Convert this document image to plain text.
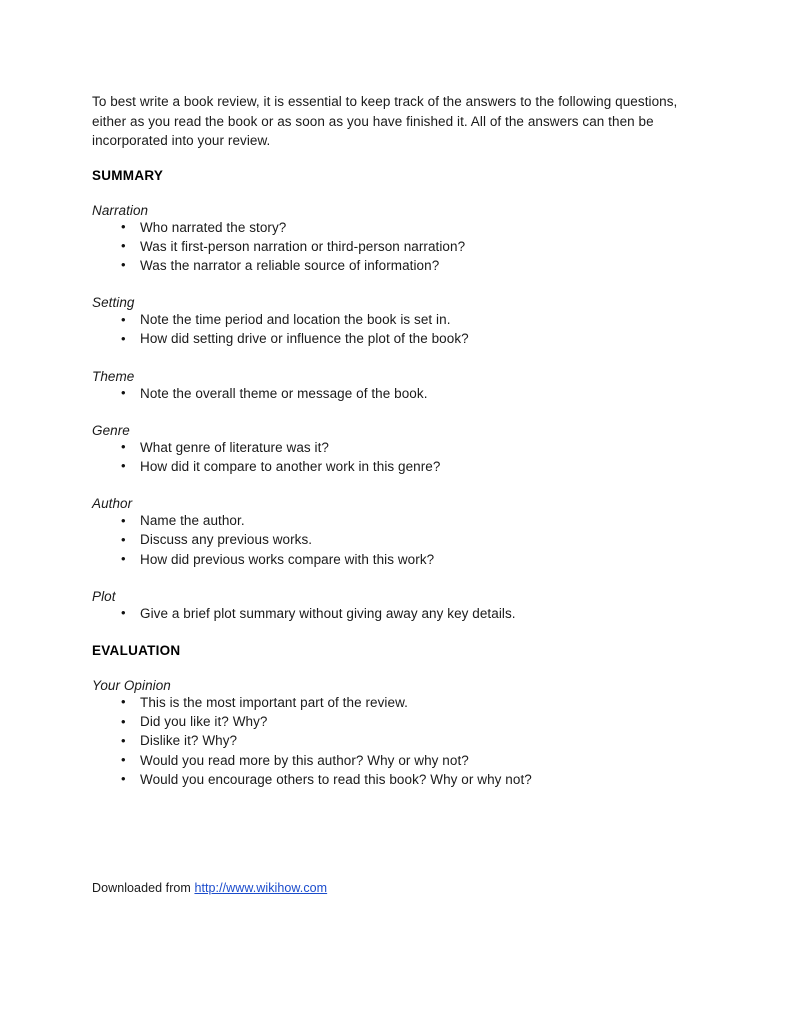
To best write a book review, it is essential to keep track of the answers to the following questions, either as you read the book or as soon as you have finished it. All of the answers can then be incorporated into your review.

SUMMARY
Narration
• Who narrated the story?
• Was it first-person narration or third-person narration?
• Was the narrator a reliable source of information?
Setting
• Note the time period and location the book is set in.
• How did setting drive or influence the plot of the book?
Theme
• Note the overall theme or message of the book.
Genre
• What genre of literature was it?
• How did it compare to another work in this genre?
Author
• Name the author.
• Discuss any previous works.
• How did previous works compare with this work?
Plot
• Give a brief plot summary without giving away any key details.
EVALUATION
Your Opinion
• This is the most important part of the review.
• Did you like it? Why?
• Dislike it? Why?
• Would you read more by this author? Why or why not?
• Would you encourage others to read this book? Why or why not?
Downloaded from http://www.wikihow.com
